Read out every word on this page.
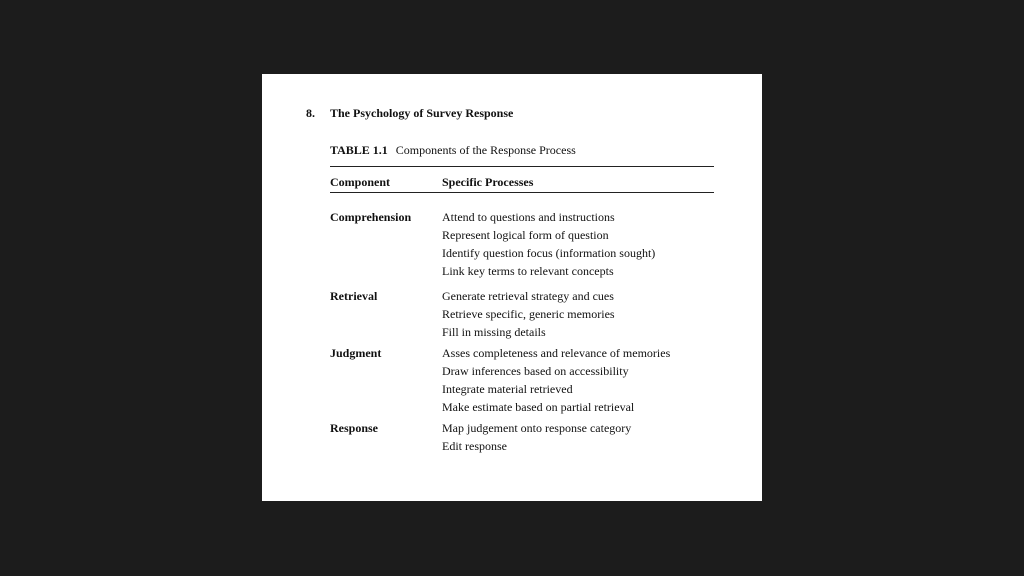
8. The Psychology of Survey Response
TABLE 1.1 Components of the Response Process
Component	Specific Processes
Comprehension	Attend to questions and instructions
Represent logical form of question
Identify question focus (information sought)
Link key terms to relevant concepts
Retrieval	Generate retrieval strategy and cues
Retrieve specific, generic memories
Fill in missing details
Judgment	Asses completeness and relevance of memories
Draw inferences based on accessibility
Integrate material retrieved
Make estimate based on partial retrieval
Response	Map judgement onto response category
Edit response
